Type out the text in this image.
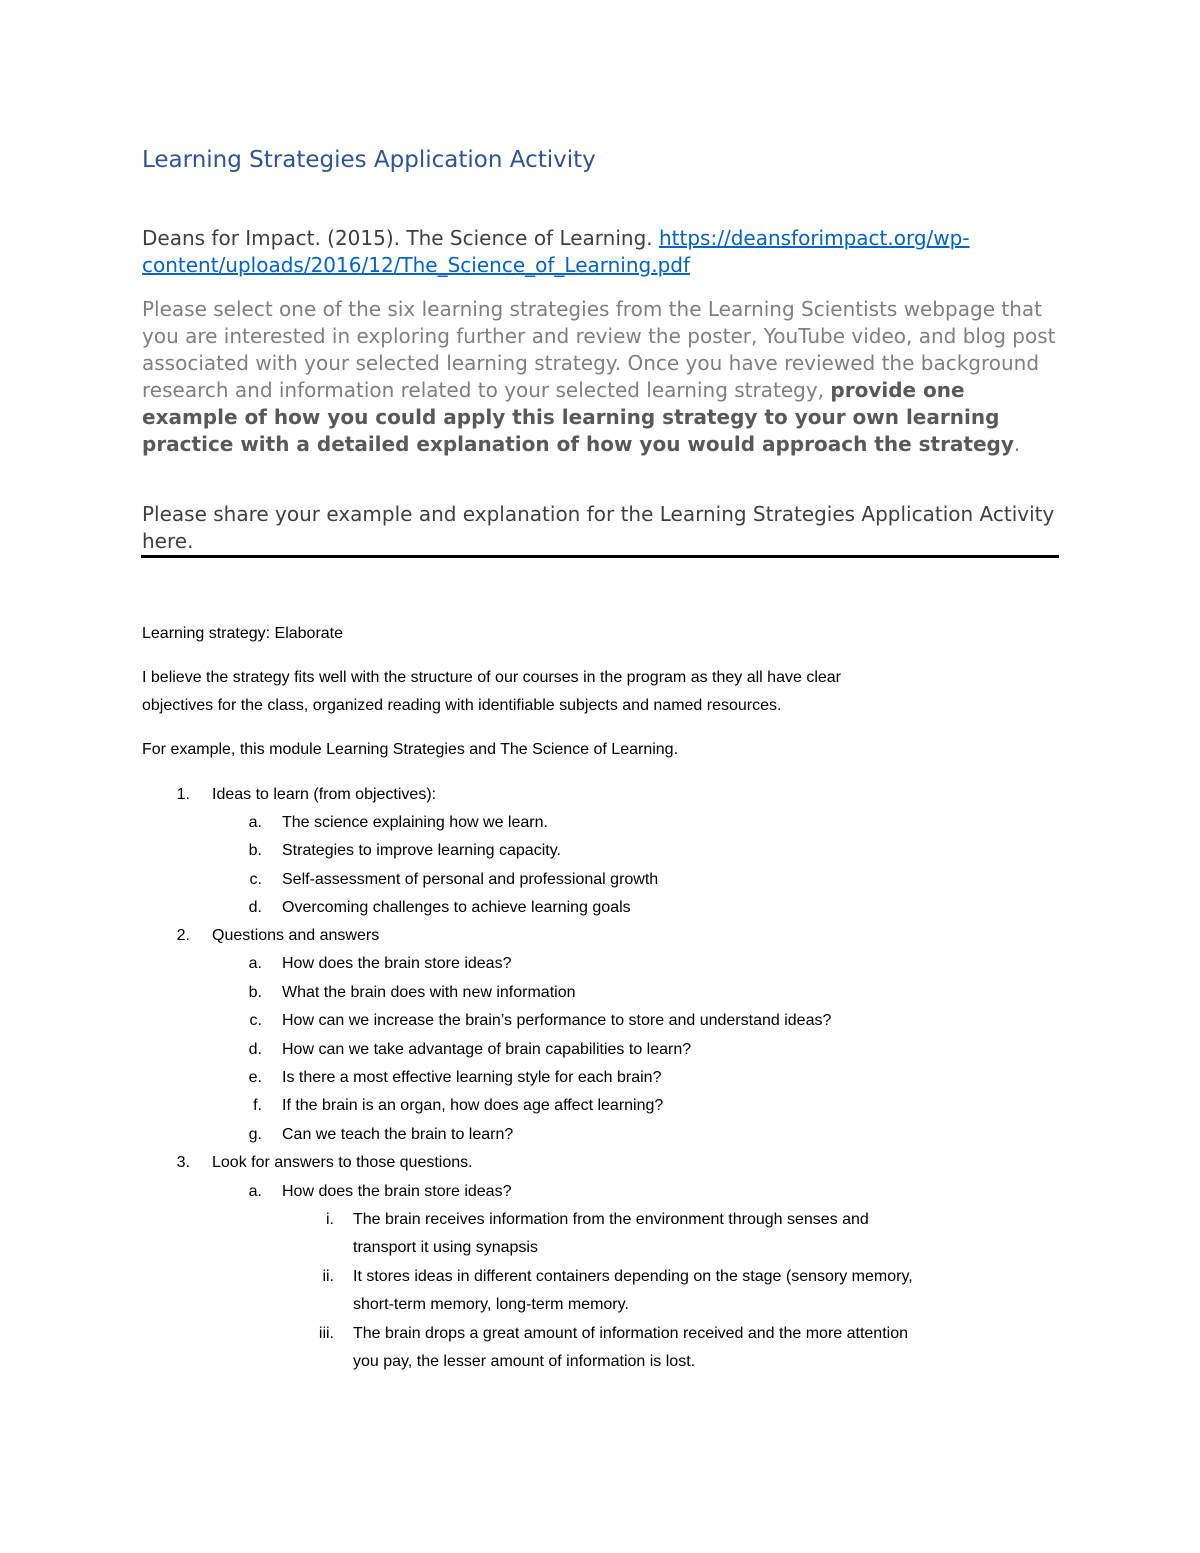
Learning Strategies Application Activity
Deans for Impact. (2015). The Science of Learning. https://deansforimpact.org/wp-
content/uploads/2016/12/The_Science_of_Learning.pdf
Please select one of the six learning strategies from the Learning Scientists webpage that you are interested in exploring further and review the poster, YouTube video, and blog post associated with your selected learning strategy. Once you have reviewed the background research and information related to your selected learning strategy, provide one example of how you could apply this learning strategy to your own learning practice with a detailed explanation of how you would approach the strategy.
Please share your example and explanation for the Learning Strategies Application Activity here.
Learning strategy: Elaborate
I believe the strategy fits well with the structure of our courses in the program as they all have clear
objectives for the class, organized reading with identifiable subjects and named resources.
For example, this module Learning Strategies and The Science of Learning.
1. Ideas to learn (from objectives):
a. The science explaining how we learn.
b. Strategies to improve learning capacity.
c. Self-assessment of personal and professional growth
d. Overcoming challenges to achieve learning goals
2. Questions and answers
a. How does the brain store ideas?
b. What the brain does with new information
c. How can we increase the brain’s performance to store and understand ideas?
d. How can we take advantage of brain capabilities to learn?
e. Is there a most effective learning style for each brain?
f. If the brain is an organ, how does age affect learning?
g. Can we teach the brain to learn?
3. Look for answers to those questions.
a. How does the brain store ideas?
i. The brain receives information from the environment through senses and
transport it using synapsis
ii. It stores ideas in different containers depending on the stage (sensory memory,
short-term memory, long-term memory.
iii. The brain drops a great amount of information received and the more attention
you pay, the lesser amount of information is lost.
